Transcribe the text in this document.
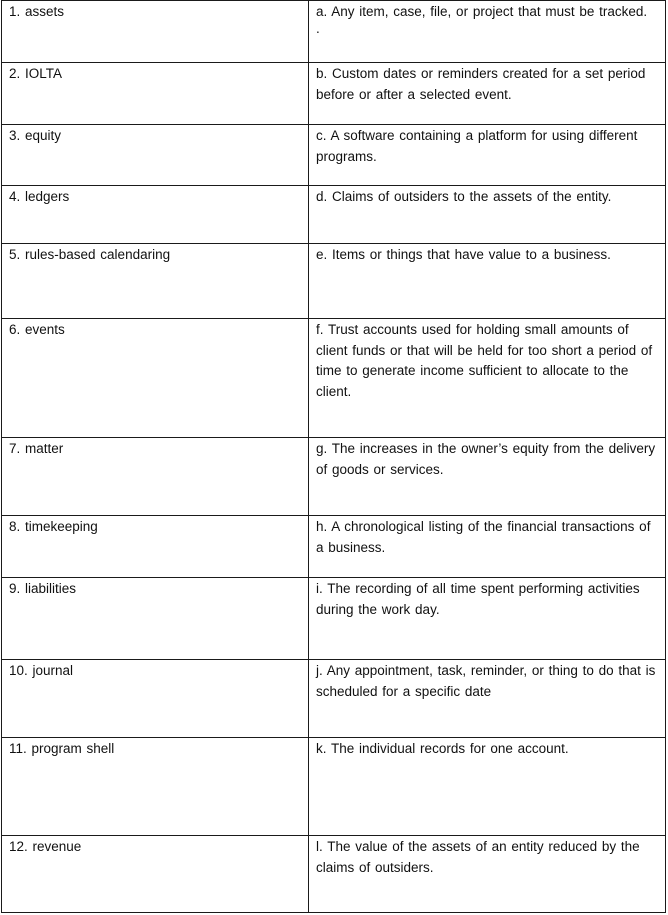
1. assets	a. Any item, case, file, or project that must be tracked.
.

2. IOLTA	b. Custom dates or reminders created for a set period before or after a selected event.
3. equity	c. A software containing a platform for using different programs.
4. ledgers	d. Claims of outsiders to the assets of the entity.
5. rules-based calendaring	e. Items or things that have value to a business.
6. events	f. Trust accounts used for holding small amounts of client funds or that will be held for too short a period of time to generate income sufficient to allocate to the client.
7. matter	g. The increases in the owner’s equity from the delivery of goods or services.
8. timekeeping	h. A chronological listing of the financial transactions of a business.
9. liabilities	i. The recording of all time spent performing activities during the work day.
10. journal	j. Any appointment, task, reminder, or thing to do that is scheduled for a specific date
11. program shell	k. The individual records for one account.
12. revenue	l. The value of the assets of an entity reduced by the claims of outsiders.
